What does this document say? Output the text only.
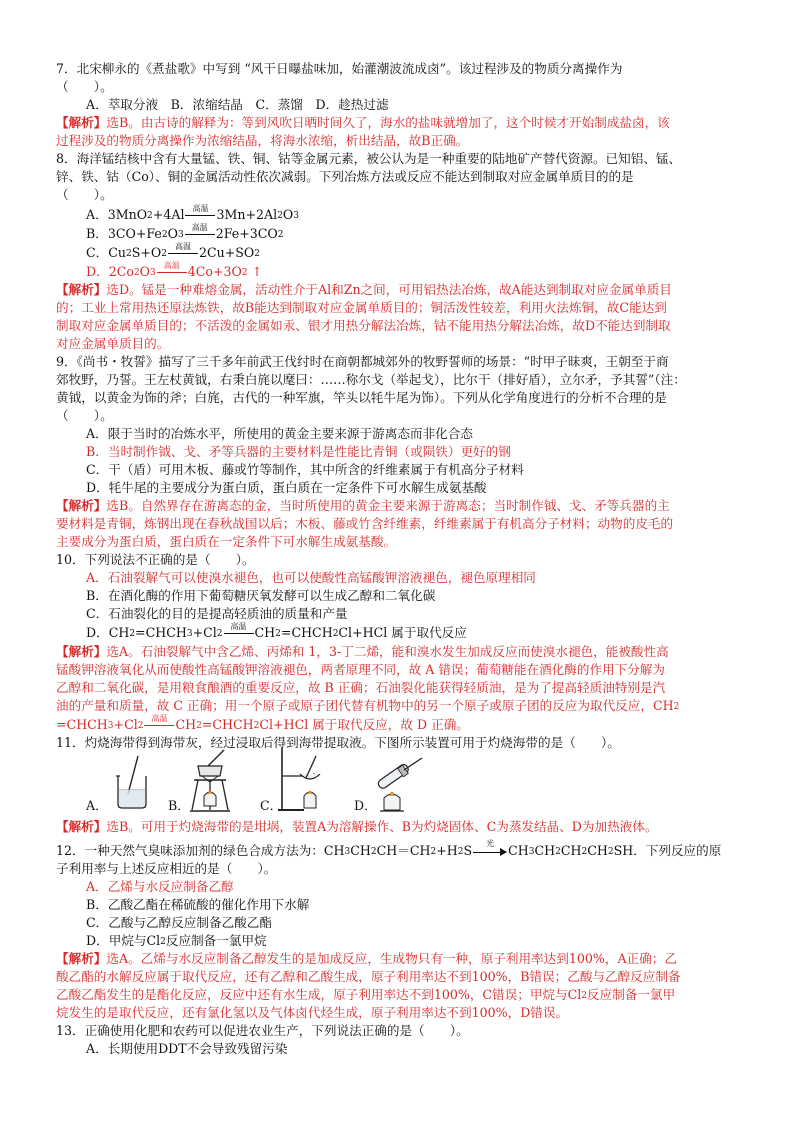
7．北宋柳永的《煮盐歌》中写到 “风干日曝盐味加，始灌潮波流成卤”。该过程涉及的物质分离操作为
（　　）。
A．萃取分液　B．浓缩结晶　C．蒸馏　D．趁热过滤
【解析】选B。由古诗的解释为：等到风吹日晒时间久了，海水的盐味就增加了，这个时候才开始制成盐卤，该
过程涉及的物质分离操作为浓缩结晶，将海水浓缩，析出结晶，故B正确。
8．海洋锰结核中含有大量锰、铁、铜、钴等金属元素，被公认为是一种重要的陆地矿产替代资源。已知铝、锰、
锌、铁、钴（Co）、铜的金属活动性依次减弱。下列冶炼方法或反应不能达到制取对应金属单质目的的是
（　　）。
A．3MnO2+4Al	高温 3Mn+2Al2O3
B．3CO+Fe2O3
高温 2Fe+3CO2
C．Cu2S+O2
高温 2Cu+SO2
D．2Co2O3
高温 4Co+3O2 ↑
【解析】选D。锰是一种难熔金属，活动性介于Al和Zn之间，可用铝热法冶炼，故A能达到制取对应金属单质目
的；工业上常用热还原法炼铁，故B能达到制取对应金属单质目的；铜活泼性较差，利用火法炼铜，故C能达到
制取对应金属单质目的；不活泼的金属如汞、银才用热分解法冶炼，钴不能用热分解法冶炼，故D不能达到制取
对应金属单质目的。
9．《尚书・牧誓》描写了三千多年前武王伐纣时在商朝都城郊外的牧野誓师的场景：“时甲子昧爽，王朝至于商
郊牧野，乃誓。王左杖黄钺，右秉白旄以麾曰：……称尔戈（举起戈），比尔干（排好盾），立尔矛，予其誓”（注：
黄钺，以黄金为饰的斧；白旄，古代的一种军旗，竿头以牦牛尾为饰）。下列从化学角度进行的分析不合理的是
（　　）。
A．限于当时的冶炼水平，所使用的黄金主要来源于游离态而非化合态
B．当时制作钺、戈、矛等兵器的主要材料是性能比青铜（或陨铁）更好的钢
C．干（盾）可用木板、藤或竹等制作，其中所含的纤维素属于有机高分子材料
D．牦牛尾的主要成分为蛋白质，蛋白质在一定条件下可水解生成氨基酸
【解析】选B。自然界存在游离态的金，当时所使用的黄金主要来源于游离态；当时制作钺、戈、矛等兵器的主
要材料是青铜，炼钢出现在春秋战国以后；木板、藤或竹含纤维素，纤维素属于有机高分子材料；动物的皮毛的
主要成分为蛋白质，蛋白质在一定条件下可水解生成氨基酸。
10．下列说法不正确的是（　　）。
A．石油裂解气可以使溴水褪色，也可以使酸性高锰酸钾溶液褪色，褪色原理相同
B．在酒化酶的作用下葡萄糖厌氧发酵可以生成乙醇和二氧化碳
C．石油裂化的目的是提高轻质油的质量和产量
D．CH2=CHCH3+Cl2
高温 CH2=CHCH2Cl+HCl 属于取代反应
【解析】选A。石油裂解气中含乙烯、丙烯和 1，3-丁二烯，能和溴水发生加成反应而使溴水褪色，能被酸性高
锰酸钾溶液氧化从而使酸性高锰酸钾溶液褪色，两者原理不同，故 A 错误；葡萄糖能在酒化酶的作用下分解为
乙醇和二氧化碳，是用粮食酿酒的重要反应，故 B 正确；石油裂化能获得轻质油，是为了提高轻质油特别是汽
油的产量和质量，故 C 正确；用一个原子或原子团代替有机物中的另一个原子或原子团的反应为取代反应，CH2
=CHCH3+Cl2
高温 CH2=CHCH2Cl+HCl 属于取代反应，故 D 正确。
11．灼烧海带得到海带灰，经过浸取后得到海带提取液。下图所示装置可用于灼烧海带的是（　　）。
A．	B．	C．	D．
【解析】选B。可用于灼烧海带的是坩埚，装置A为溶解操作、B为灼烧固体、C为蒸发结晶、D为加热液体。
12．一种天然气臭味添加剂的绿色合成方法为：CH3CH2CH＝CH2+H2S	光	CH3CH2CH2CH2SH．下列反应的原
子利用率与上述反应相近的是（　　）。
A．乙烯与水反应制备乙醇
B．乙酸乙酯在稀硫酸的催化作用下水解
C．乙酸与乙醇反应制备乙酸乙酯
D．甲烷与Cl2反应制备一氯甲烷
【解析】选A。乙烯与水反应制备乙醇发生的是加成反应，生成物只有一种，原子利用率达到100%，A正确；乙
酸乙酯的水解反应属于取代反应，还有乙醇和乙酸生成，原子利用率达不到100%，B错误；乙酸与乙醇反应制备
乙酸乙酯发生的是酯化反应，反应中还有水生成，原子利用率达不到100%，C错误；甲烷与Cl2反应制备一氯甲
烷发生的是取代反应，还有氯化氢以及气体卤代烃生成，原子利用率达不到100%，D错误。
13．正确使用化肥和农药可以促进农业生产，下列说法正确的是（　　）。
A．长期使用DDT不会导致残留污染
